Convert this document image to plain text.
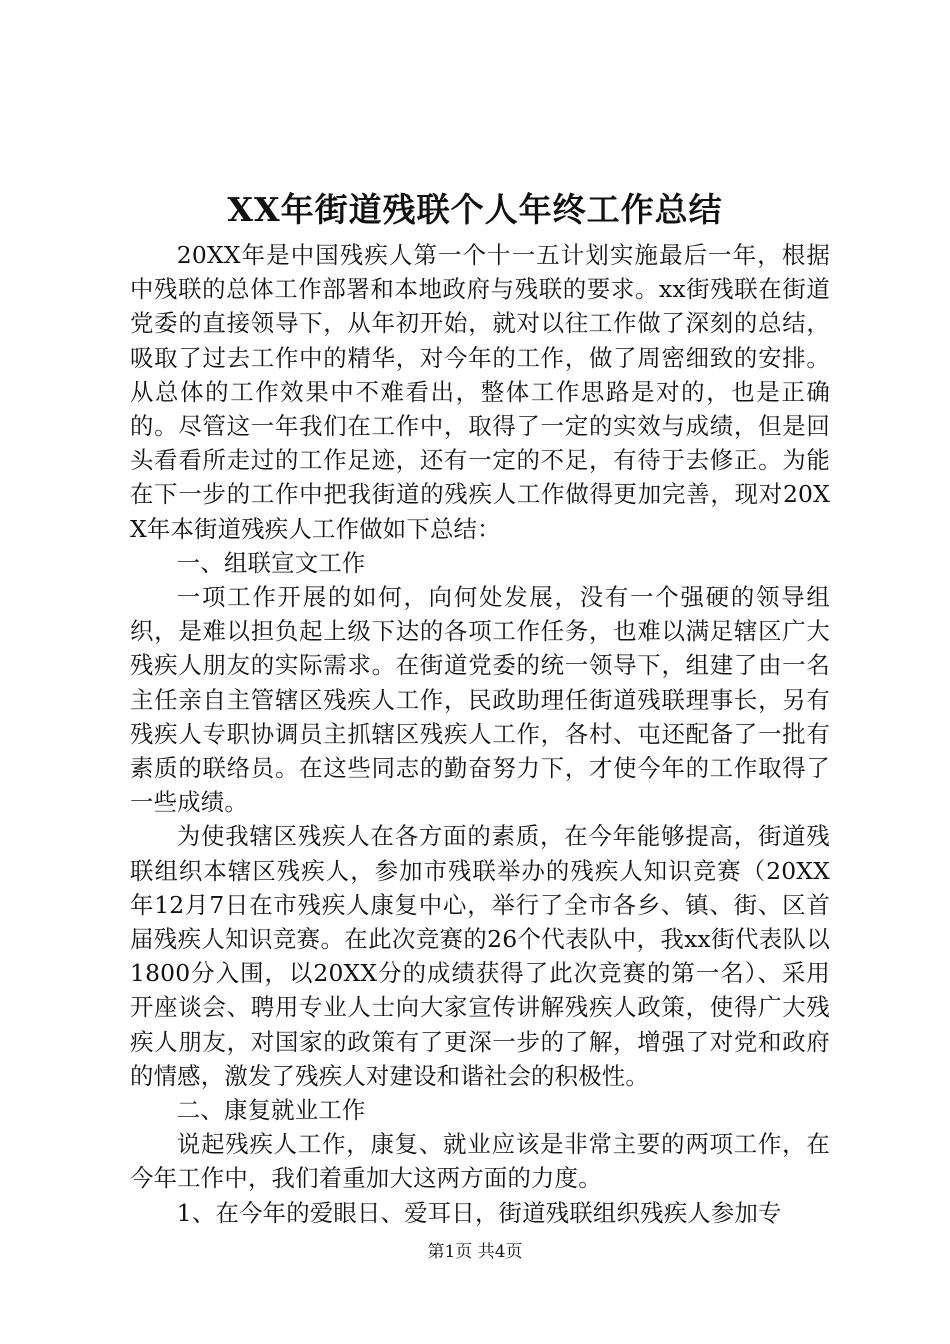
XX年街道残联个人年终工作总结

20XX年是中国残疾人第一个十一五计划实施最后一年，根据中残联的总体工作部署和本地政府与残联的要求。xx街残联在街道党委的直接领导下，从年初开始，就对以往工作做了深刻的总结，吸取了过去工作中的精华，对今年的工作，做了周密细致的安排。从总体的工作效果中不难看出，整体工作思路是对的，也是正确的。尽管这一年我们在工作中，取得了一定的实效与成绩，但是回头看看所走过的工作足迹，还有一定的不足，有待于去修正。为能在下一步的工作中把我街道的残疾人工作做得更加完善，现对20XX年本街道残疾人工作做如下总结：

一、组联宣文工作

一项工作开展的如何，向何处发展，没有一个强硬的领导组织，是难以担负起上级下达的各项工作任务，也难以满足辖区广大残疾人朋友的实际需求。在街道党委的统一领导下，组建了由一名主任亲自主管辖区残疾人工作，民政助理任街道残联理事长，另有残疾人专职协调员主抓辖区残疾人工作，各村、屯还配备了一批有素质的联络员。在这些同志的勤奋努力下，才使今年的工作取得了一些成绩。

为使我辖区残疾人在各方面的素质，在今年能够提高，街道残联组织本辖区残疾人，参加市残联举办的残疾人知识竞赛（20XX年12月7日在市残疾人康复中心，举行了全市各乡、镇、街、区首届残疾人知识竞赛。在此次竞赛的26个代表队中，我xx街代表队以1800分入围，以20XX分的成绩获得了此次竞赛的第一名）、采用开座谈会、聘用专业人士向大家宣传讲解残疾人政策，使得广大残疾人朋友，对国家的政策有了更深一步的了解，增强了对党和政府的情感，激发了残疾人对建设和谐社会的积极性。

二、康复就业工作

说起残疾人工作，康复、就业应该是非常主要的两项工作，在今年工作中，我们着重加大这两方面的力度。

1、在今年的爱眼日、爱耳日，街道残联组织残疾人参加专

第1页 共4页
